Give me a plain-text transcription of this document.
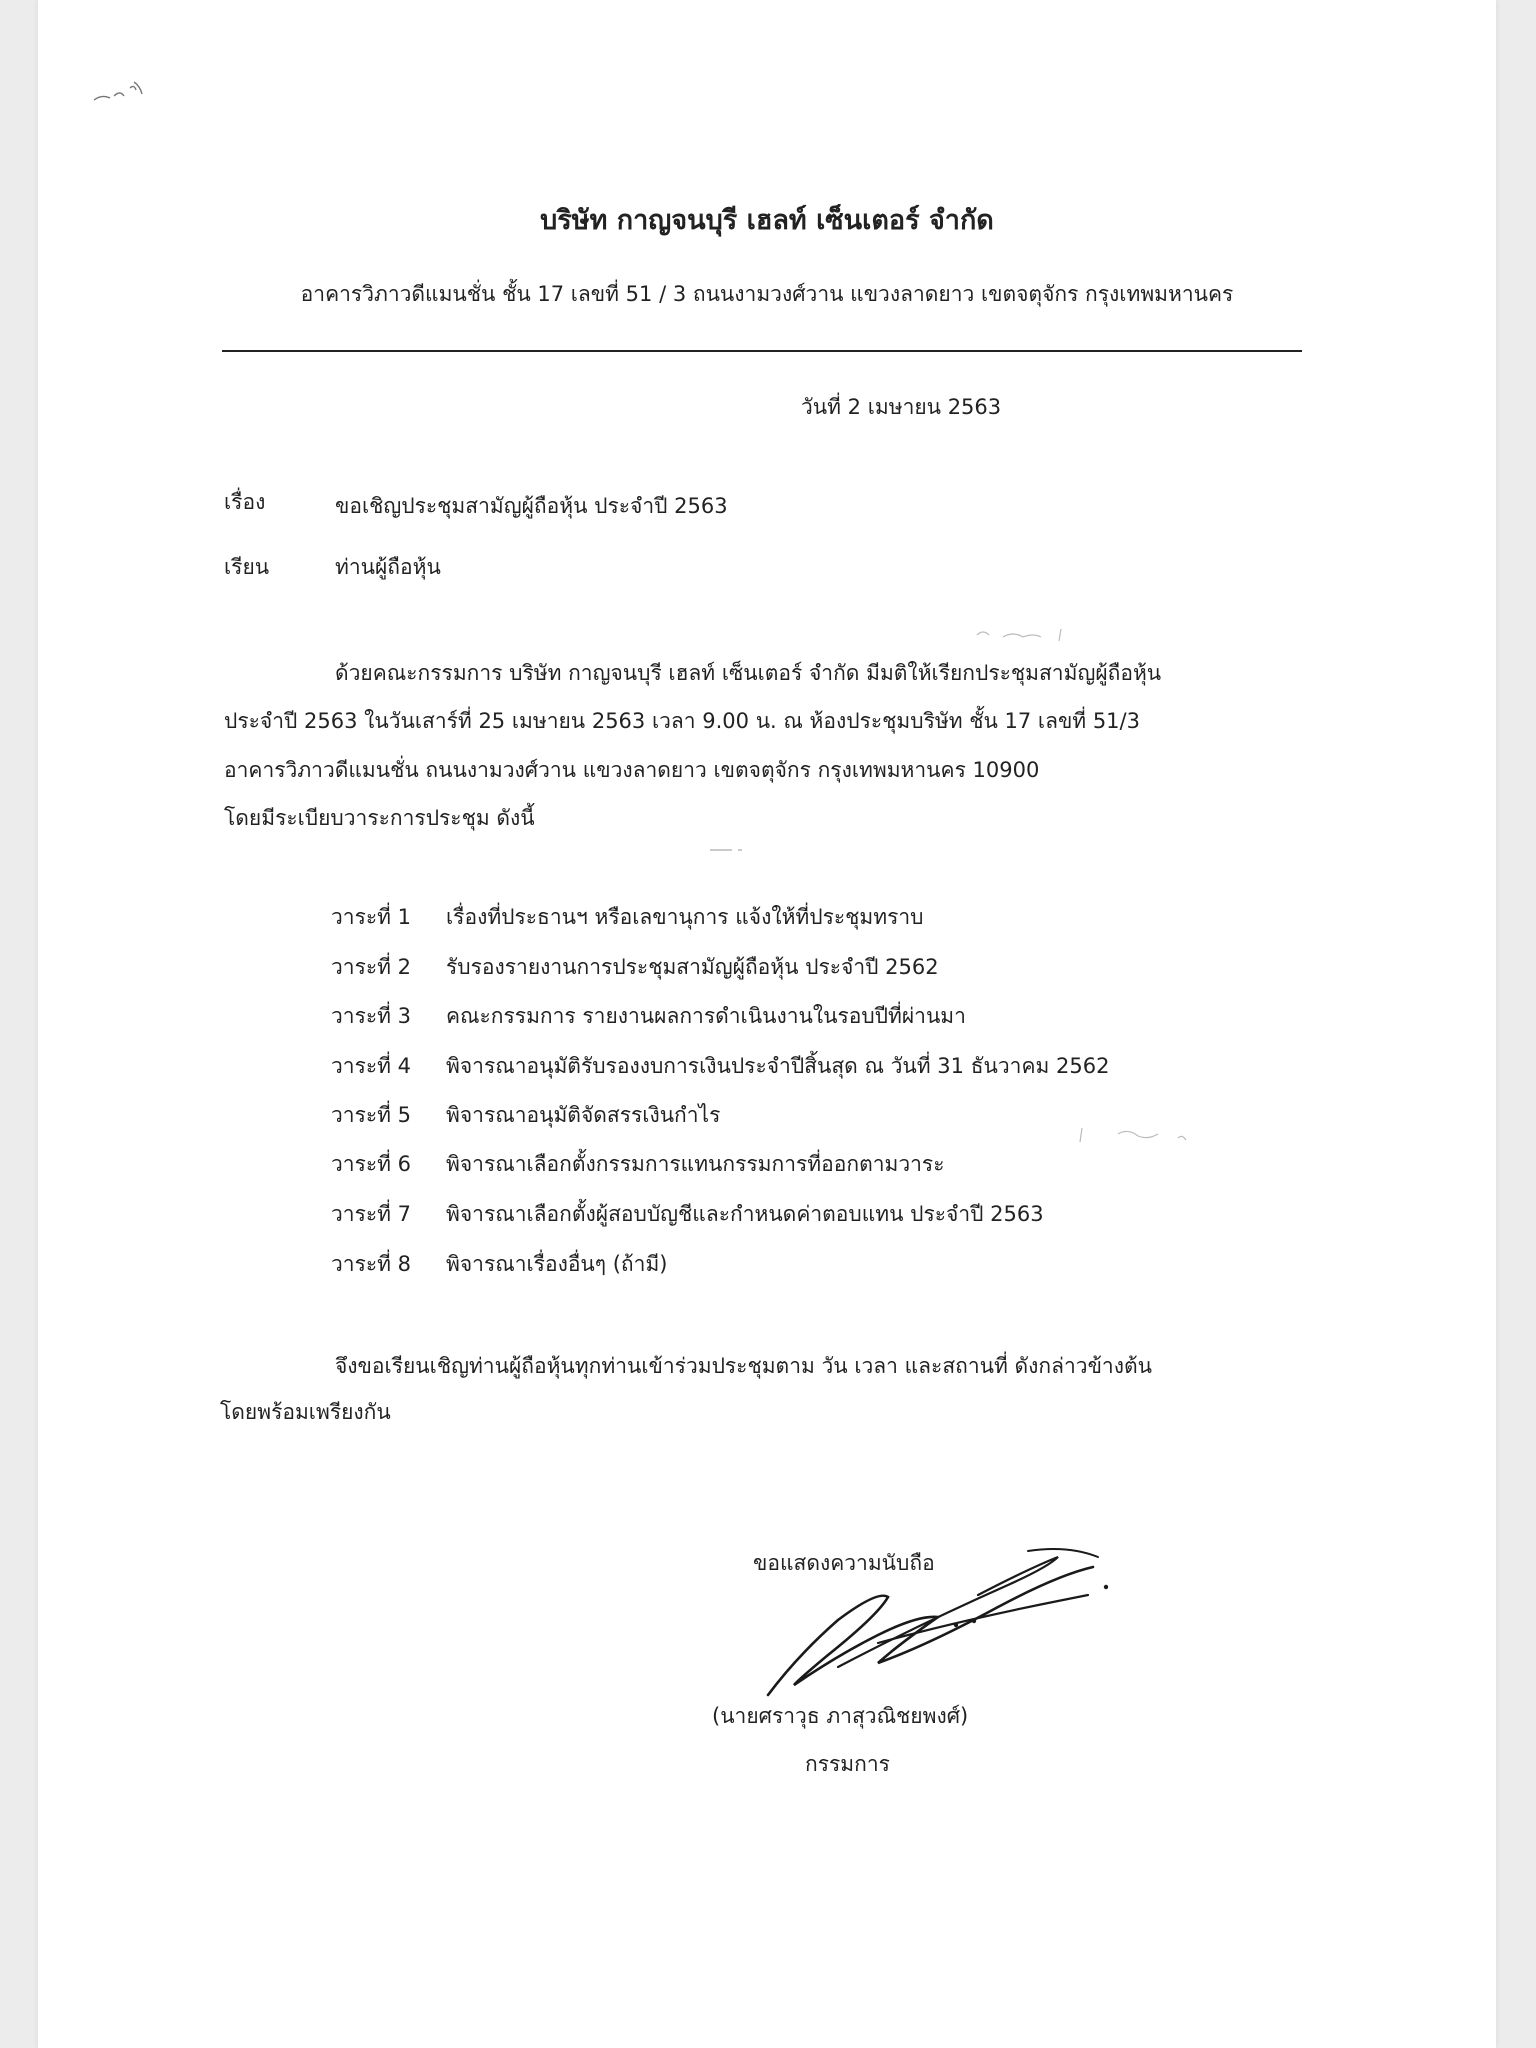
บริษัท กาญจนบุรี เฮลท์ เซ็นเตอร์ จำกัด
อาคารวิภาวดีแมนชั่น ชั้น 17 เลขที่ 51 / 3 ถนนงามวงศ์วาน แขวงลาดยาว เขตจตุจักร กรุงเทพมหานคร
วันที่ 2 เมษายน 2563
เรื่อง	ขอเชิญประชุมสามัญผู้ถือหุ้น ประจำปี 2563
เรียน	ท่านผู้ถือหุ้น
ด้วยคณะกรรมการ บริษัท กาญจนบุรี เฮลท์ เซ็นเตอร์ จำกัด มีมติให้เรียกประชุมสามัญผู้ถือหุ้น
ประจำปี 2563 ในวันเสาร์ที่ 25 เมษายน 2563 เวลา 9.00 น. ณ ห้องประชุมบริษัท ชั้น 17 เลขที่ 51/3
อาคารวิภาวดีแมนชั่น ถนนงามวงศ์วาน แขวงลาดยาว เขตจตุจักร กรุงเทพมหานคร 10900
โดยมีระเบียบวาระการประชุม ดังนี้
วาระที่ 1 เรื่องที่ประธานฯ หรือเลขานุการ แจ้งให้ที่ประชุมทราบ
วาระที่ 2 รับรองรายงานการประชุมสามัญผู้ถือหุ้น ประจำปี 2562
วาระที่ 3 คณะกรรมการ รายงานผลการดำเนินงานในรอบปีที่ผ่านมา
วาระที่ 4 พิจารณาอนุมัติรับรองงบการเงินประจำปีสิ้นสุด ณ วันที่ 31 ธันวาคม 2562
วาระที่ 5 พิจารณาอนุมัติจัดสรรเงินกำไร
วาระที่ 6 พิจารณาเลือกตั้งกรรมการแทนกรรมการที่ออกตามวาระ
วาระที่ 7 พิจารณาเลือกตั้งผู้สอบบัญชีและกำหนดค่าตอบแทน ประจำปี 2563
วาระที่ 8 พิจารณาเรื่องอื่นๆ (ถ้ามี)
จึงขอเรียนเชิญท่านผู้ถือหุ้นทุกท่านเข้าร่วมประชุมตาม วัน เวลา และสถานที่ ดังกล่าวข้างต้น
โดยพร้อมเพรียงกัน
ขอแสดงความนับถือ
(นายศราวุธ ภาสุวณิชยพงศ์)
กรรมการ
